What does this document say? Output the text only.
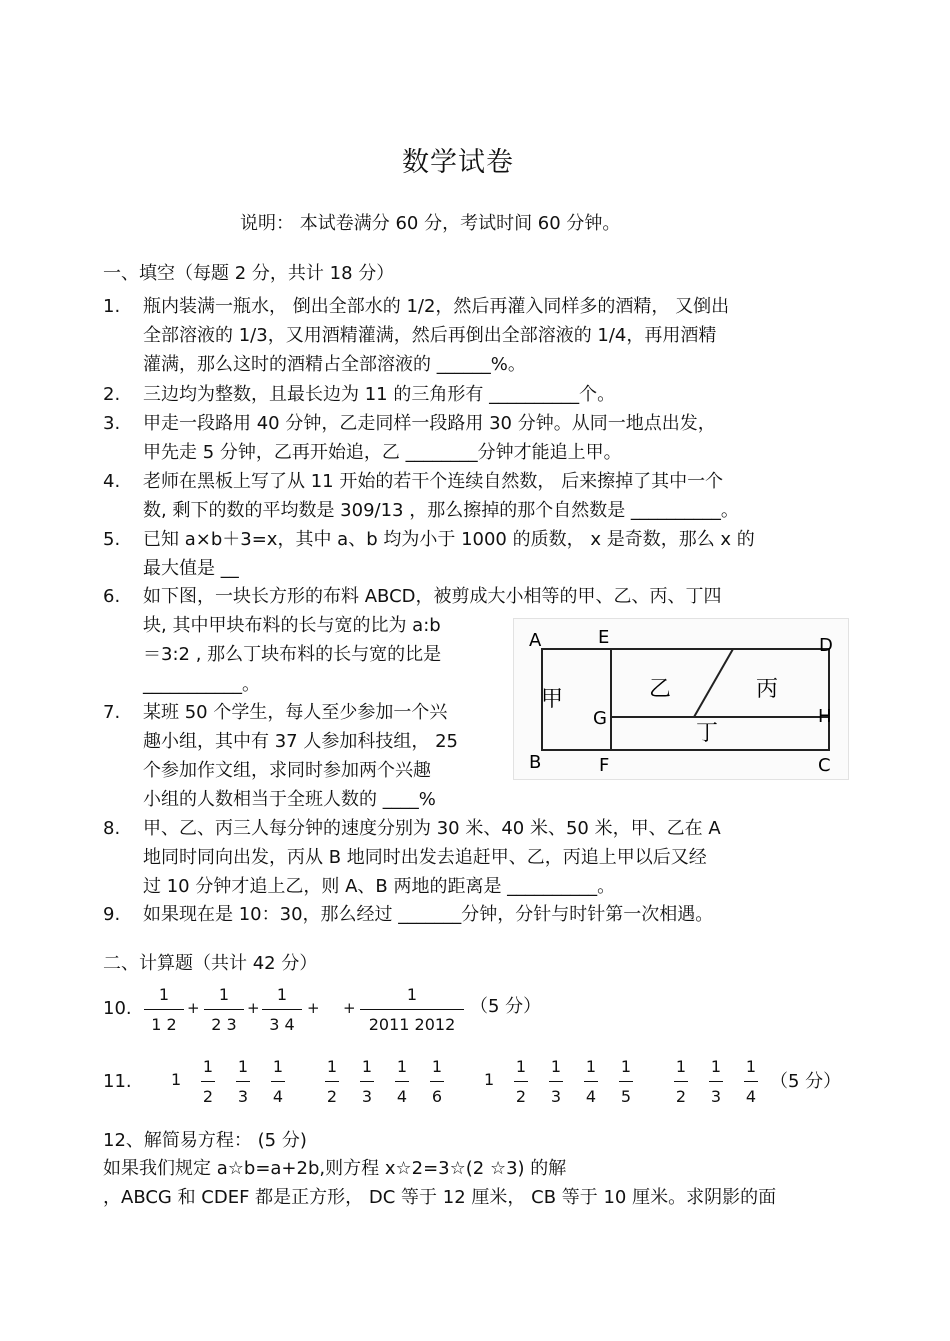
数学试卷
说明： 本试卷满分 60 分，考试时间 60 分钟。
一、填空（每题 2 分，共计 18 分）
1. 瓶内装满一瓶水， 倒出全部水的 1/2，然后再灌入同样多的酒精， 又倒出
全部溶液的 1/3，又用酒精灌满，然后再倒出全部溶液的 1/4，再用酒精
灌满，那么这时的酒精占全部溶液的 ______%。
2. 三边均为整数，且最长边为 11 的三角形有 __________个。
3. 甲走一段路用 40 分钟，乙走同样一段路用 30 分钟。从同一地点出发，
甲先走 5 分钟，乙再开始追，乙 ________分钟才能追上甲。
4. 老师在黑板上写了从 11 开始的若干个连续自然数， 后来擦掉了其中一个
数, 剩下的数的平均数是 309/13 ，那么擦掉的那个自然数是 __________。
5. 已知 a×b＋3=x，其中 a、b 均为小于 1000 的质数， x 是奇数，那么 x 的
最大值是 __
6. 如下图，一块长方形的布料 ABCD，被剪成大小相等的甲、乙、丙、丁四
块, 其中甲块布料的长与宽的比为 a:b
＝3:2 , 那么丁块布料的长与宽的比是
___________。
A	E	D
B	F	C
G	H
甲	乙	丙
丁
7. 某班 50 个学生，每人至少参加一个兴
趣小组，其中有 37 人参加科技组， 25
个参加作文组，求同时参加两个兴趣
小组的人数相当于全班人数的 ____%
8. 甲、乙、丙三人每分钟的速度分别为 30 米、40 米、50 米，甲、乙在 A
地同时同向出发，丙从 B 地同时出发去追赶甲、乙，丙追上甲以后又经
过 10 分钟才追上乙，则 A、B 两地的距离是 __________。
9. 如果现在是 10：30，那么经过 _______分钟，分针与时针第一次相遇。
二、计算题（共计 42 分）
10.
1
1 2
+
1
2 3
+
1
3 4
+ +
1
2011 2012
（5 分）
11. 1	1
1
2
1
3
1
4
1
2
1
3
1
4
1
6
1
2
1
3
1
4
1
5
1
2
1
3
1
4
（5 分）
12、解简易方程： (5 分)
如果我们规定 a☆b=a+2b,则方程 x☆2=3☆(2 ☆3) 的解
，ABCG 和 CDEF 都是正方形， DC 等于 12 厘米， CB 等于 10 厘米。求阴影的面
